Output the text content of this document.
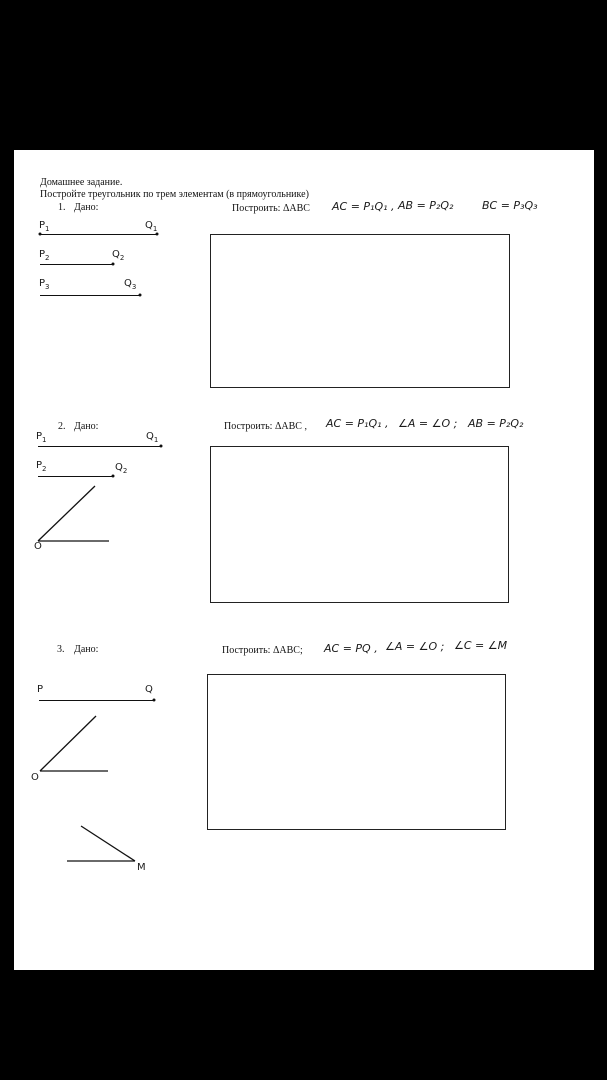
Домашнее задание.
Постройте треугольник по трем элементам (в прямоугольнике)
1. Дано:	Построить: ΔABC AC = P₁Q₁ , AB = P₂Q₂	BC = P₃Q₃
$P_1$	$Q_1$
$P_2$	$Q_2$
$P_3$	$Q_3$
2. Дано:	Построить: ΔABC , AC = P₁Q₁ , ∠A = ∠O ; AB = P₂Q₂
$P_1$	$Q_1$
$P_2$	$Q_2$
O
3. Дано:	Построить: ΔABC; AC = PQ , ∠A = ∠O ; ∠C = ∠M
P	Q
O
M
